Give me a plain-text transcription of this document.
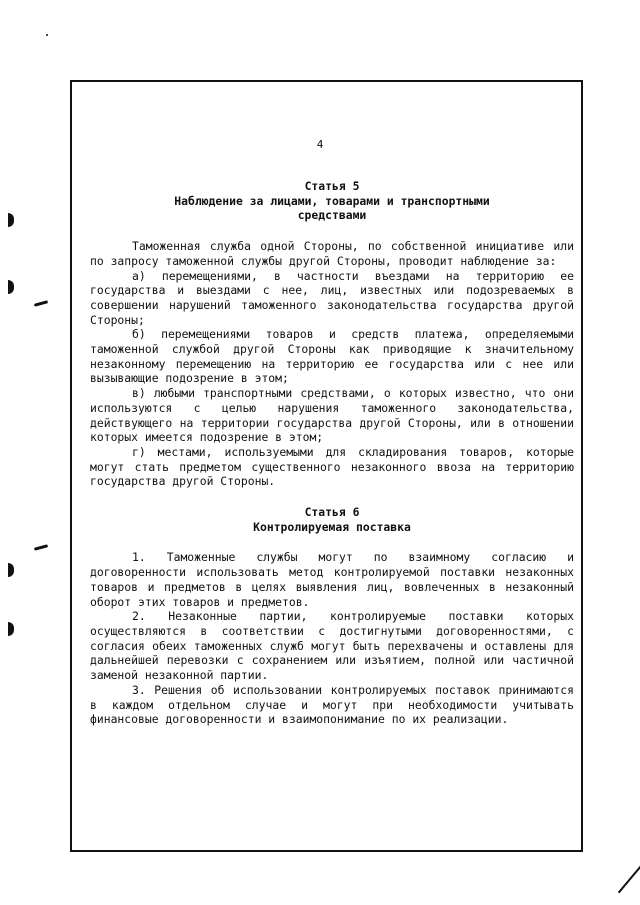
4
Статья 5
Наблюдение за лицами, товарами и транспортными
средствами

Таможенная служба одной Стороны, по собственной инициативе или по запросу таможенной службы другой Стороны, проводит наблюдение за:

а) перемещениями, в частности въездами на территорию ее государства и выездами с нее, лиц, известных или подозреваемых в совершении нарушений таможенного законодательства государства другой Стороны;

б) перемещениями товаров и средств платежа, определяемыми таможенной службой другой Стороны как приводящие к значительному незаконному перемещению на территорию ее государства или с нее или вызывающие подозрение в этом;

в) любыми транспортными средствами, о которых известно, что они используются с целью нарушения таможенного законодательства, действующего на территории государства другой Стороны, или в отношении которых имеется подозрение в этом;

г) местами, используемыми для складирования товаров, которые могут стать предметом существенного незаконного ввоза на территорию государства другой Стороны.

Статья 6
Контролируемая поставка

1. Таможенные службы могут по взаимному согласию и договоренности использовать метод контролируемой поставки незаконных товаров и предметов в целях выявления лиц, вовлеченных в незаконный оборот этих товаров и предметов.

2. Незаконные партии, контролируемые поставки которых осуществляются в соответствии с достигнутыми договоренностями, с согласия обеих таможенных служб могут быть перехвачены и оставлены для дальнейшей перевозки с сохранением или изъятием, полной или частичной заменой незаконной партии.

3. Решения об использовании контролируемых поставок принимаются в каждом отдельном случае и могут при необходимости учитывать финансовые договоренности и взаимопонимание по их реализации.
